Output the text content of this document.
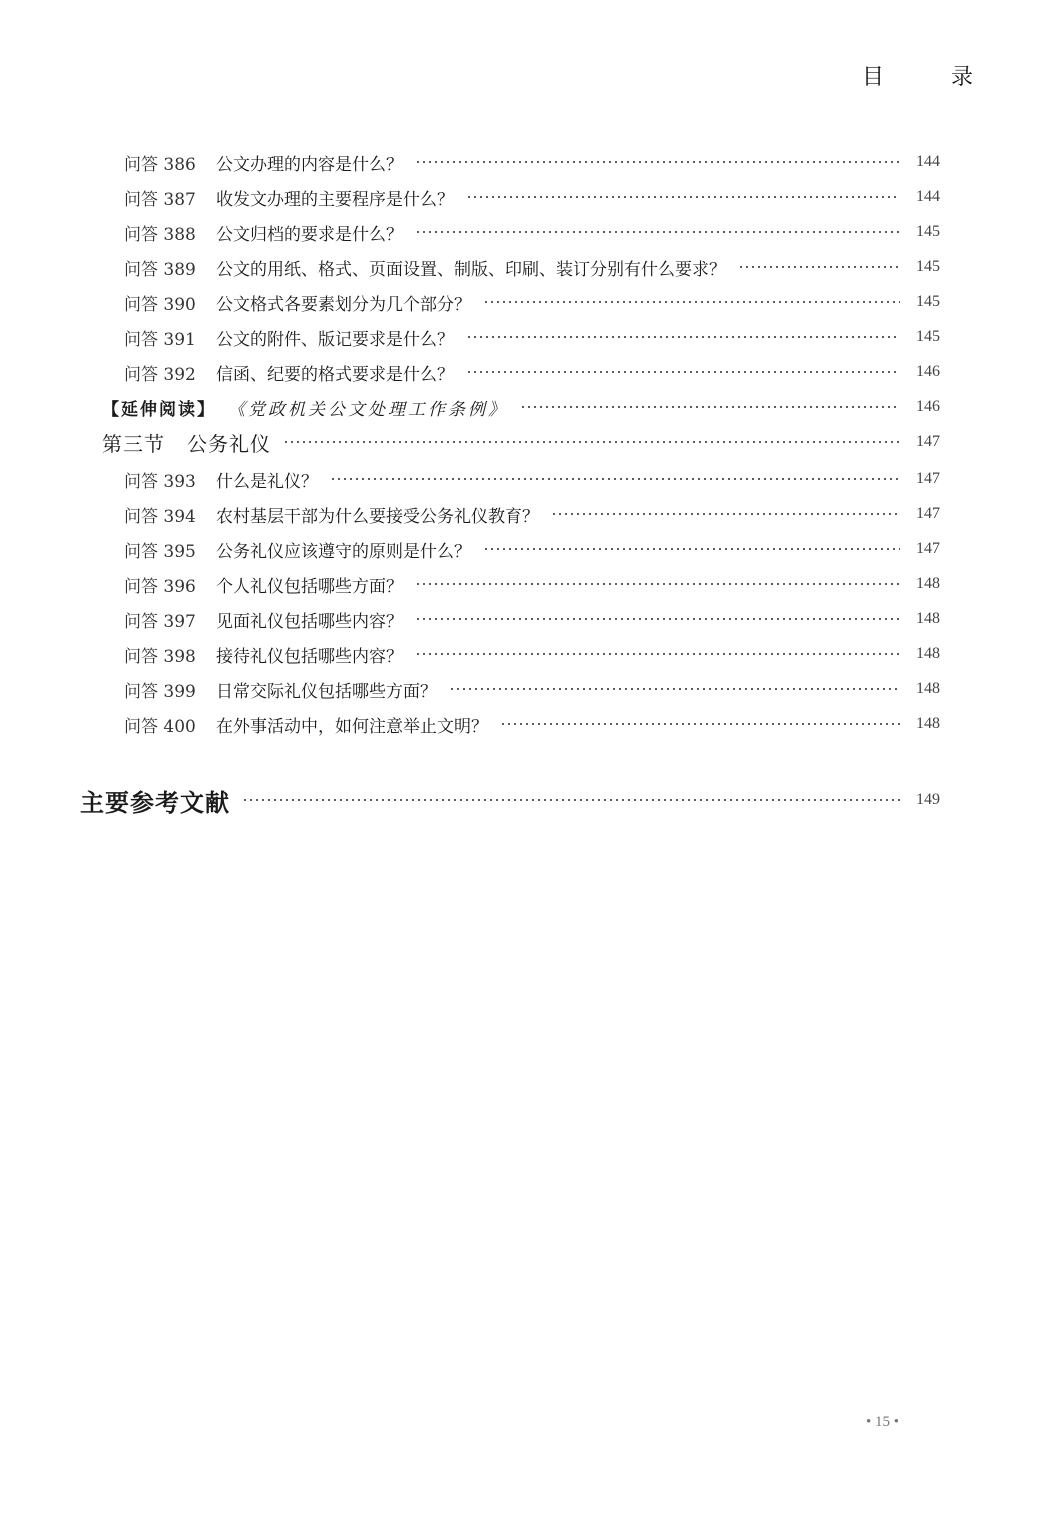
目 录
问答 386	公文办理的内容是什么？	144
问答 387	收发文办理的主要程序是什么？	144
问答 388	公文归档的要求是什么？	145
问答 389	公文的用纸、格式、页面设置、制版、印刷、装订分别有什么要求？	145
问答 390	公文格式各要素划分为几个部分？	145
问答 391	公文的附件、版记要求是什么？	145
问答 392	信函、纪要的格式要求是什么？	146
【延伸阅读】 《党政机关公文处理工作条例》	146
第三节 公务礼仪	147
问答 393	什么是礼仪？	147
问答 394	农村基层干部为什么要接受公务礼仪教育？	147
问答 395	公务礼仪应该遵守的原则是什么？	147
问答 396	个人礼仪包括哪些方面？	148
问答 397	见面礼仪包括哪些内容？	148
问答 398	接待礼仪包括哪些内容？	148
问答 399	日常交际礼仪包括哪些方面？	148
问答 400	在外事活动中，如何注意举止文明？	148
主要参考文献	149
• 15 •
